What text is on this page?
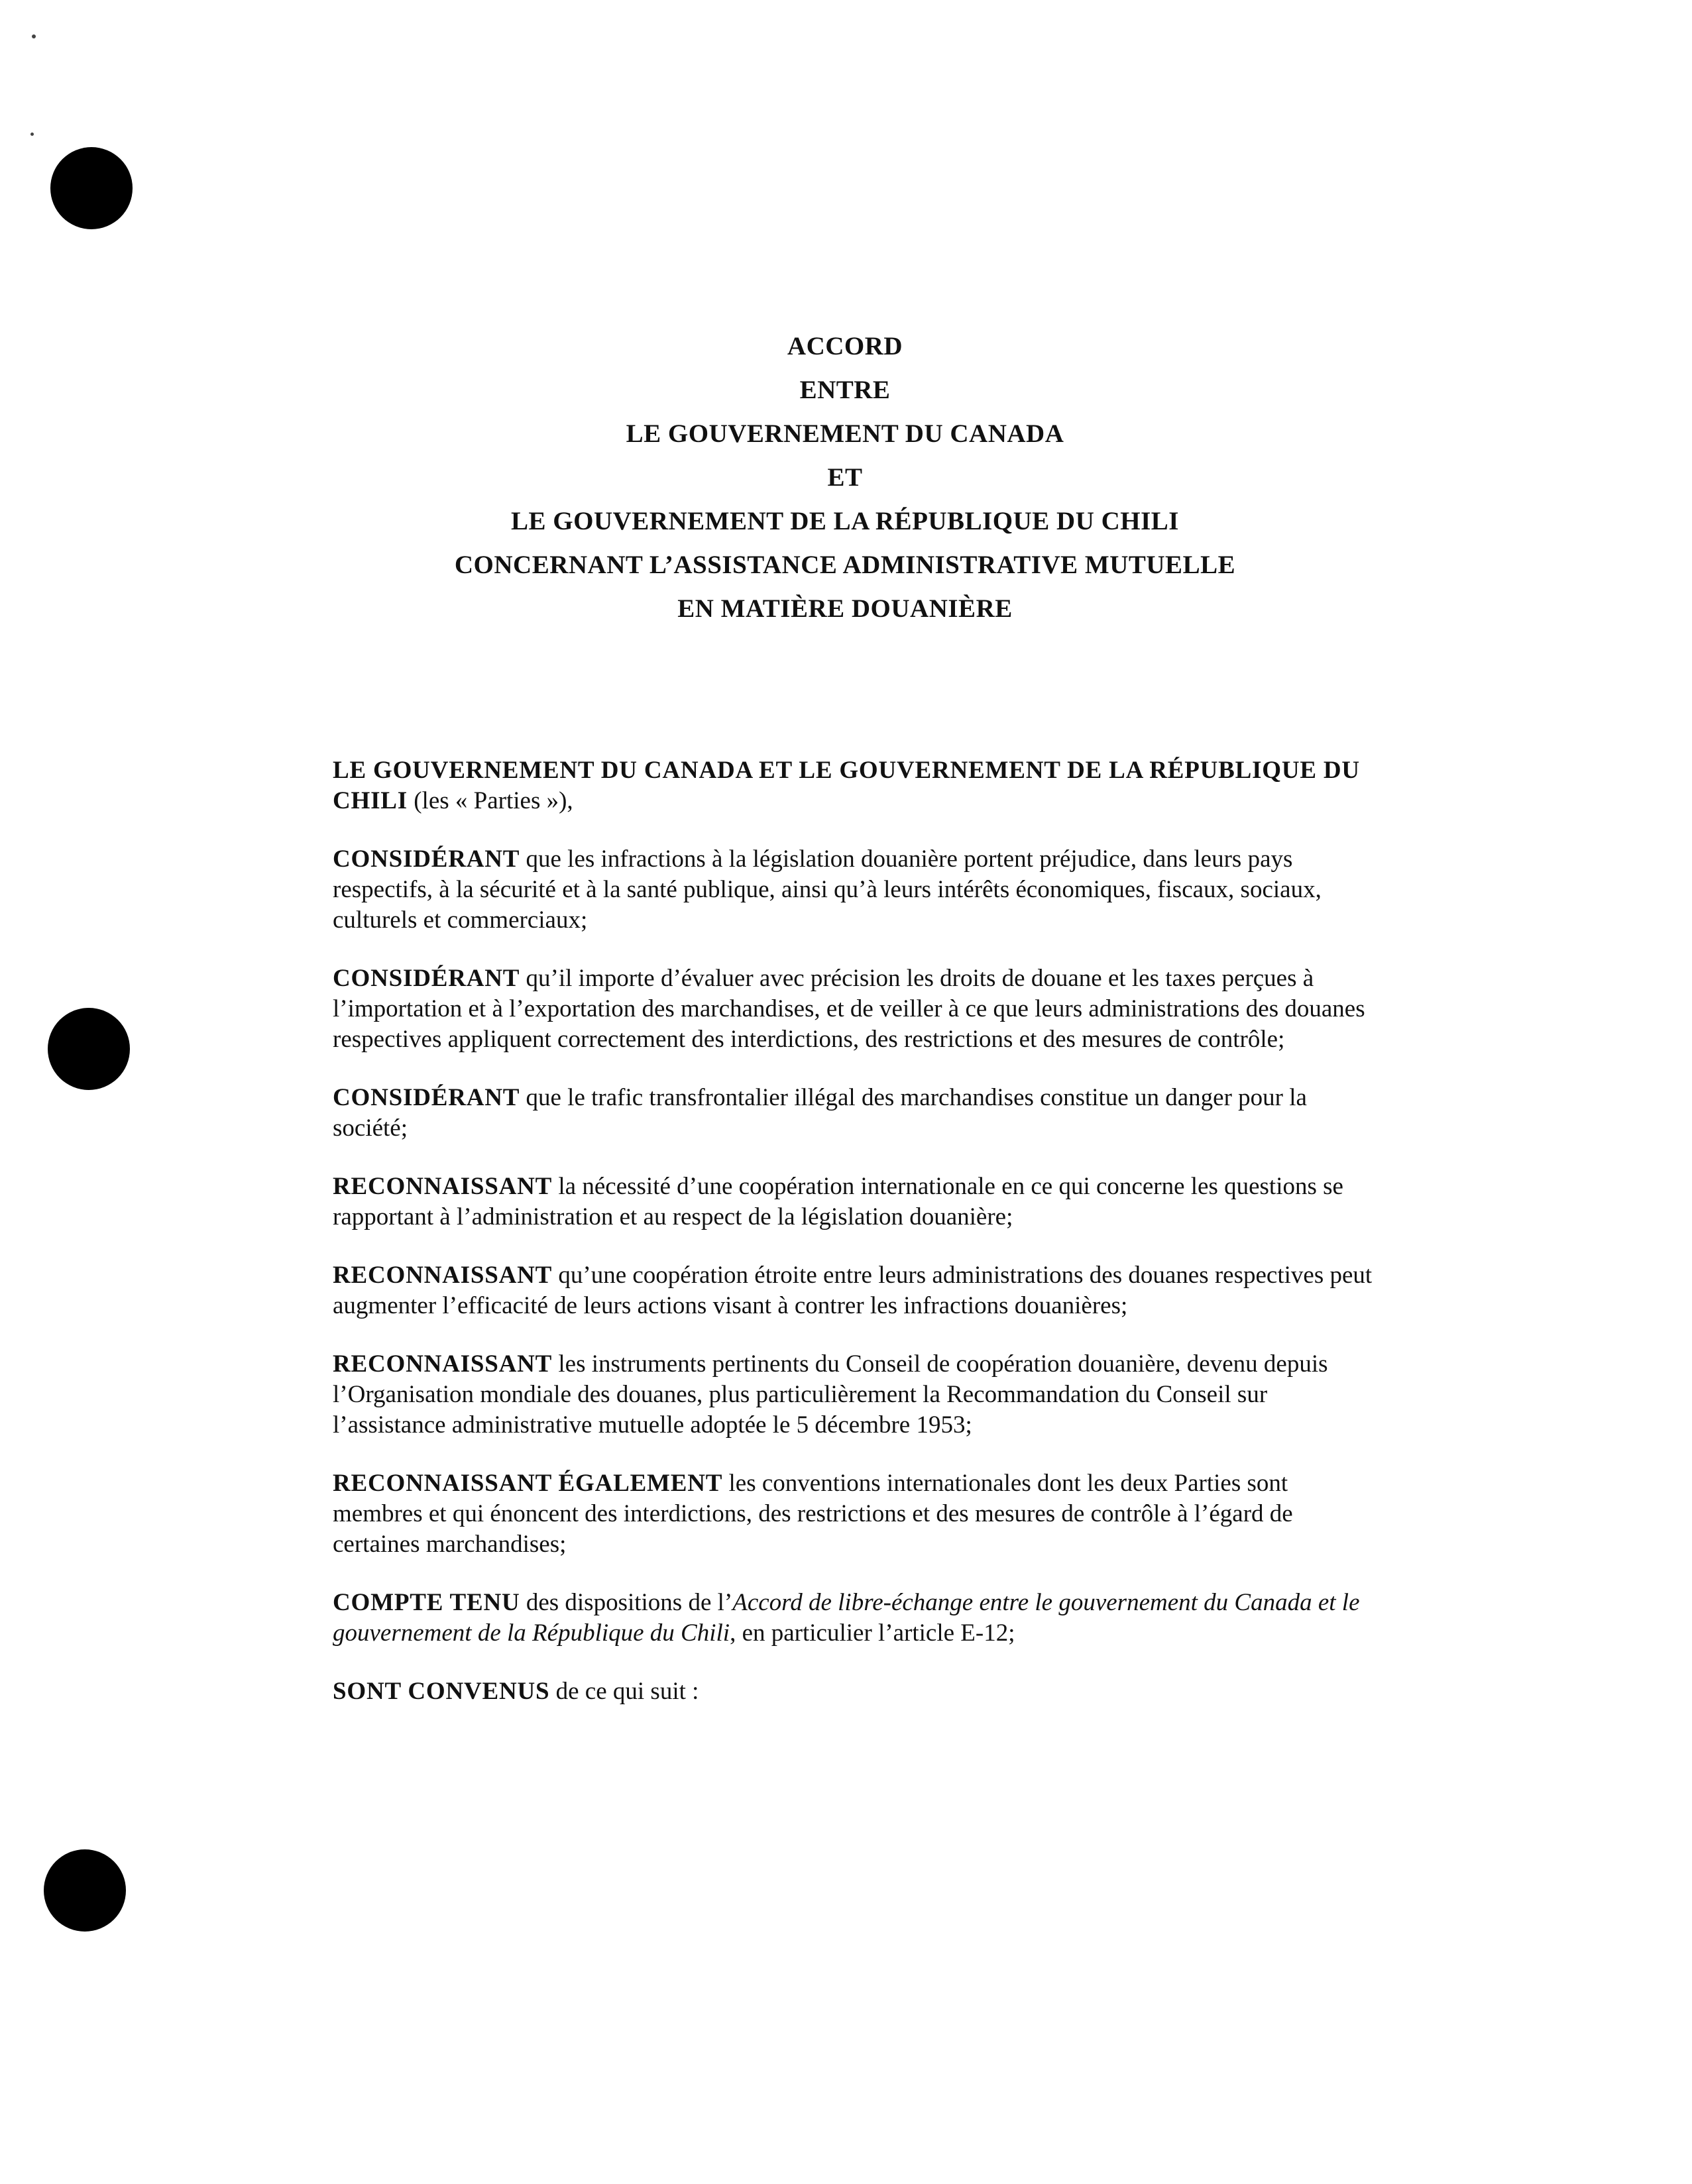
ACCORD
ENTRE
LE GOUVERNEMENT DU CANADA
ET
LE GOUVERNEMENT DE LA RÉPUBLIQUE DU CHILI
CONCERNANT L’ASSISTANCE ADMINISTRATIVE MUTUELLE
EN MATIÈRE DOUANIÈRE

LE GOUVERNEMENT DU CANADA ET LE GOUVERNEMENT DE LA RÉPUBLIQUE DU CHILI (les « Parties »),

CONSIDÉRANT que les infractions à la législation douanière portent préjudice, dans leurs pays respectifs, à la sécurité et à la santé publique, ainsi qu’à leurs intérêts économiques, fiscaux, sociaux, culturels et commerciaux;

CONSIDÉRANT qu’il importe d’évaluer avec précision les droits de douane et les taxes perçues à l’importation et à l’exportation des marchandises, et de veiller à ce que leurs administrations des douanes respectives appliquent correctement des interdictions, des restrictions et des mesures de contrôle;

CONSIDÉRANT que le trafic transfrontalier illégal des marchandises constitue un danger pour la société;

RECONNAISSANT la nécessité d’une coopération internationale en ce qui concerne les questions se rapportant à l’administration et au respect de la législation douanière;

RECONNAISSANT qu’une coopération étroite entre leurs administrations des douanes respectives peut augmenter l’efficacité de leurs actions visant à contrer les infractions douanières;

RECONNAISSANT les instruments pertinents du Conseil de coopération douanière, devenu depuis l’Organisation mondiale des douanes, plus particulièrement la Recommandation du Conseil sur l’assistance administrative mutuelle adoptée le 5 décembre 1953;

RECONNAISSANT ÉGALEMENT les conventions internationales dont les deux Parties sont membres et qui énoncent des interdictions, des restrictions et des mesures de contrôle à l’égard de certaines marchandises;

COMPTE TENU des dispositions de l’Accord de libre-échange entre le gouvernement du Canada et le gouvernement de la République du Chili, en particulier l’article E-12;

SONT CONVENUS de ce qui suit :
